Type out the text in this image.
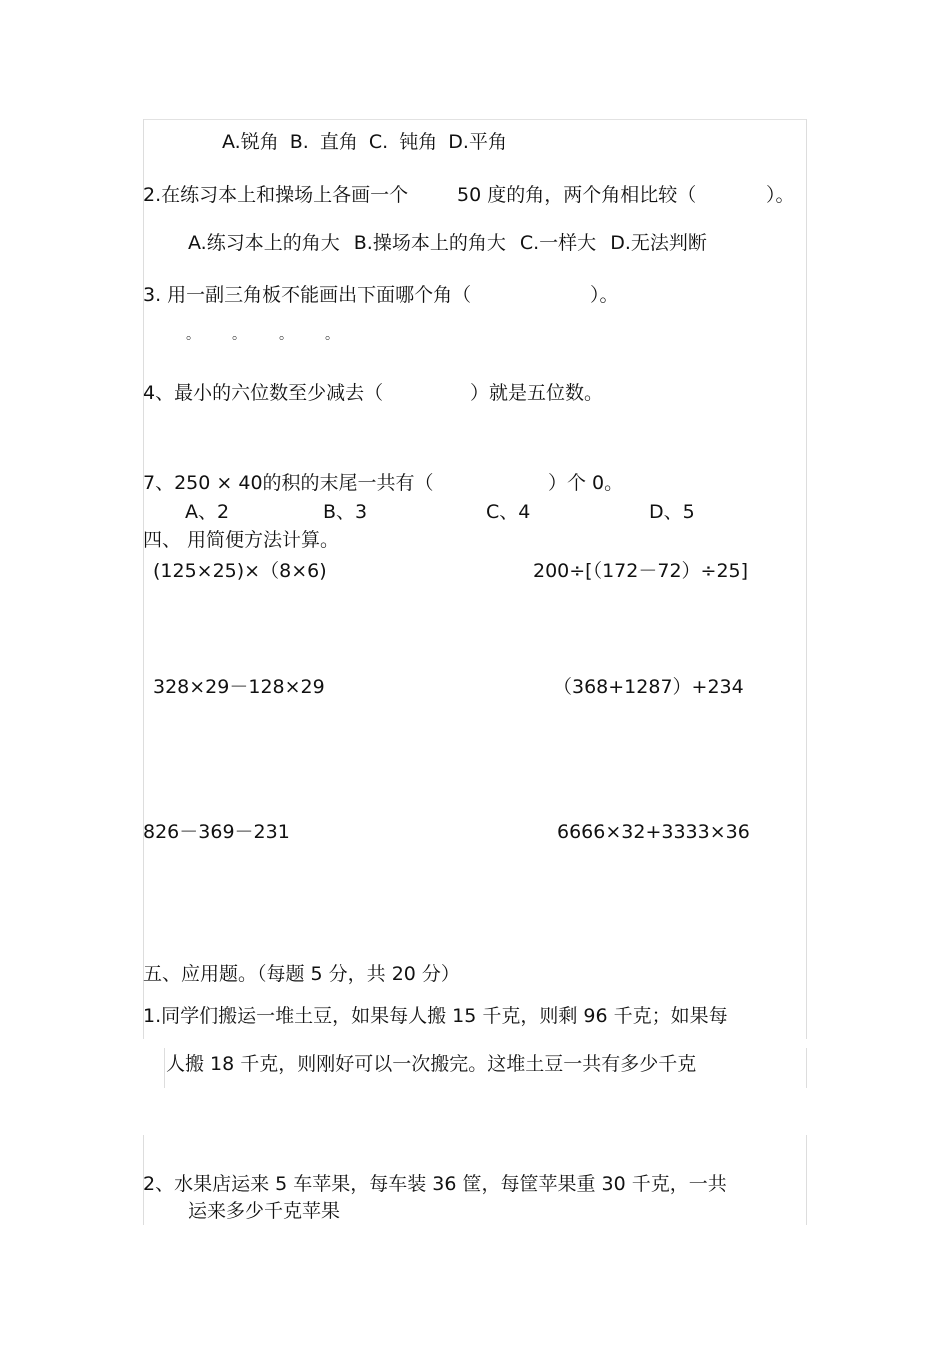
A.锐角 B. 直角 C. 钝角 D.平角
2.在练习本上和操场上各画一个	50 度的角，两个角相比较（	）。
A.练习本上的角大 B.操场本上的角大 C.一样大 D.无法判断
3. 用一副三角板不能画出下面哪个角（	）。
。 。 。 。
4、最小的六位数至少减去（	）就是五位数。
7、250 × 40的积的末尾一共有（	）个 0。
A、2	B、3	C、4	D、5
四、 用简便方法计算。
(125×25)×（8×6)	200÷[（172－72）÷25]
328×29－128×29	（368+1287）+234
826－369－231	6666×32+3333×36
五、应用题。（每题 5 分，共 20 分）
1.同学们搬运一堆土豆，如果每人搬 15 千克，则剩 96 千克；如果每
人搬 18 千克，则刚好可以一次搬完。这堆土豆一共有多少千克
2、水果店运来 5 车苹果，每车装 36 筐，每筐苹果重 30 千克，一共
运来多少千克苹果
